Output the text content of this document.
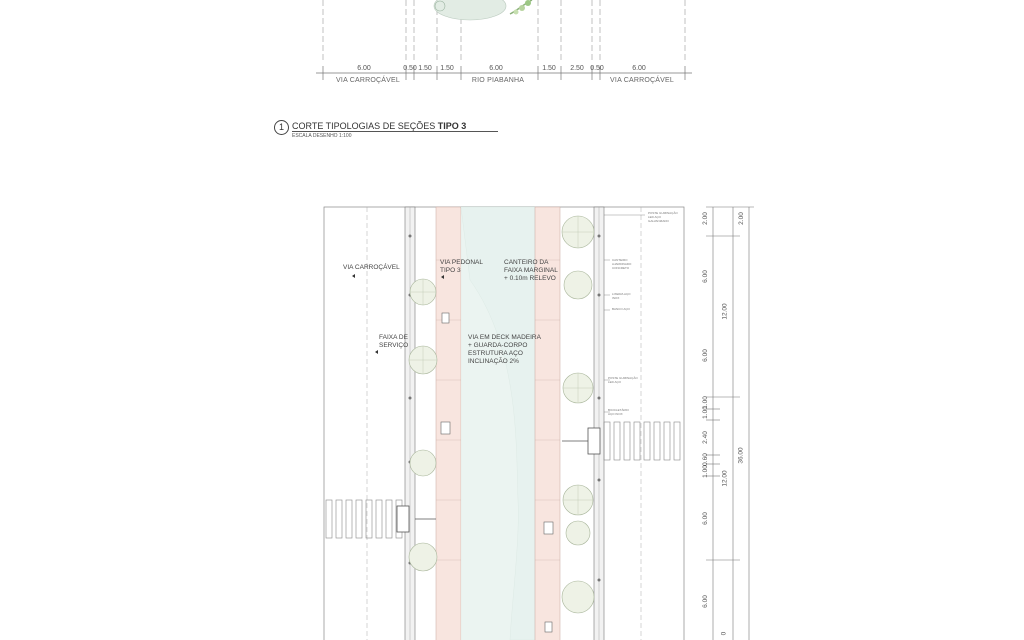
6.00	0.50 1.50 1.50	6.00	1.50 2.50 0.50	6.00
VIA CARROÇÁVEL	RIO PIABANHA	VIA CARROÇÁVEL
1 CORTE TIPOLOGIAS DE SEÇÕES TIPO 3
ESCALA DESENHO 1:100
VIA CARROÇÁVEL
VIA PEDONAL
TIPO 3
CANTEIRO DA
FAIXA MARGINAL
+ 0.10m RELEVO
FAIXA DE
SERVIÇO
VIA EM DECK MADEIRA
+ GUARDA-CORPO
ESTRUTURA AÇO
INCLINAÇÃO 2%
POSTE ILUMINAÇÃO
LED AÇO
GALVANIZADO
CANTEIRO
AJARDINADO
CONCRETO
LIXEIRA AÇO
INOX
BANCO AÇO
POSTE ILUMINAÇÃO
LED AÇO
BICICLETÁRIO
AÇO INOX
2.00
6.00
6.00
1.00
1.00
2.40
0.60
1.00
6.00
6.00
12.00
12.00
2.00
36.00
0
